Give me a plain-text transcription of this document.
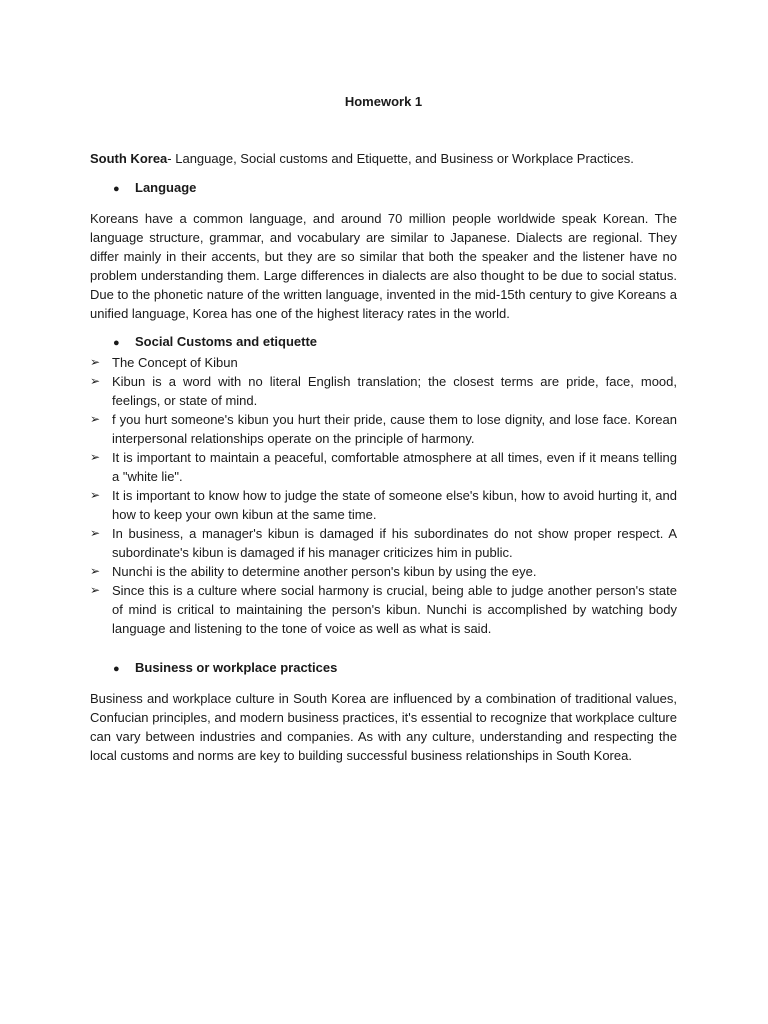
Homework 1

South Korea- Language, Social customs and Etiquette, and Business or Workplace Practices.

●	Language

Koreans have a common language, and around 70 million people worldwide speak Korean. The language structure, grammar, and vocabulary are similar to Japanese. Dialects are regional. They differ mainly in their accents, but they are so similar that both the speaker and the listener have no problem understanding them. Large differences in dialects are also thought to be due to social status. Due to the phonetic nature of the written language, invented in the mid-15th century to give Koreans a unified language, Korea has one of the highest literacy rates in the world.

●	Social Customs and etiquette
➢ The Concept of Kibun
➢ Kibun is a word with no literal English translation; the closest terms are pride, face, mood, feelings, or state of mind.
➢ f you hurt someone's kibun you hurt their pride, cause them to lose dignity, and lose face. Korean interpersonal relationships operate on the principle of harmony.
➢ It is important to maintain a peaceful, comfortable atmosphere at all times, even if it means telling a "white lie".
➢ It is important to know how to judge the state of someone else's kibun, how to avoid hurting it, and how to keep your own kibun at the same time.
➢ In business, a manager's kibun is damaged if his subordinates do not show proper respect. A subordinate's kibun is damaged if his manager criticizes him in public.
➢ Nunchi is the ability to determine another person's kibun by using the eye.
➢ Since this is a culture where social harmony is crucial, being able to judge another person's state of mind is critical to maintaining the person's kibun. Nunchi is accomplished by watching body language and listening to the tone of voice as well as what is said.
●	Business or workplace practices

Business and workplace culture in South Korea are influenced by a combination of traditional values, Confucian principles, and modern business practices, it's essential to recognize that workplace culture can vary between industries and companies. As with any culture, understanding and respecting the local customs and norms are key to building successful business relationships in South Korea.
